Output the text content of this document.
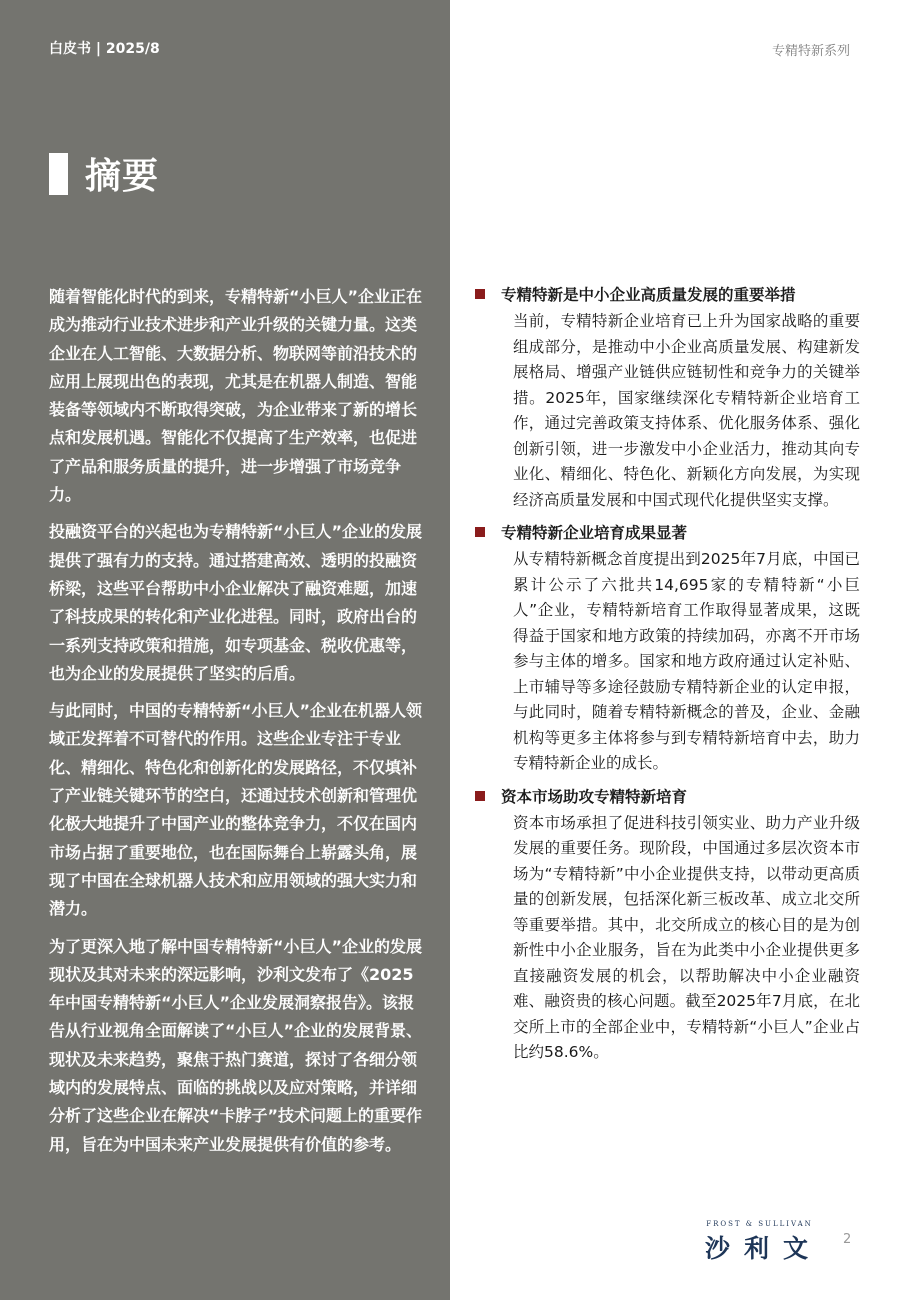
白皮书 | 2025/8	专精特新系列
摘要

随着智能化时代的到来，专精特新“小巨人”企业正在成为推动行业技术进步和产业升级的关键力量。这类企业在人工智能、大数据分析、物联网等前沿技术的应用上展现出色的表现，尤其是在机器人制造、智能装备等领域内不断取得突破，为企业带来了新的增长点和发展机遇。智能化不仅提高了生产效率，也促进了产品和服务质量的提升，进一步增强了市场竞争力。

投融资平台的兴起也为专精特新“小巨人”企业的发展提供了强有力的支持。通过搭建高效、透明的投融资桥梁，这些平台帮助中小企业解决了融资难题，加速了科技成果的转化和产业化进程。同时，政府出台的一系列支持政策和措施，如专项基金、税收优惠等，也为企业的发展提供了坚实的后盾。

与此同时，中国的专精特新“小巨人”企业在机器人领域正发挥着不可替代的作用。这些企业专注于专业化、精细化、特色化和创新化的发展路径，不仅填补了产业链关键环节的空白，还通过技术创新和管理优化极大地提升了中国产业的整体竞争力，不仅在国内市场占据了重要地位，也在国际舞台上崭露头角，展现了中国在全球机器人技术和应用领域的强大实力和潜力。

为了更深入地了解中国专精特新“小巨人”企业的发展现状及其对未来的深远影响，沙利文发布了《2025年中国专精特新“小巨人”企业发展洞察报告》。该报告从行业视角全面解读了“小巨人”企业的发展背景、现状及未来趋势，聚焦于热门赛道，探讨了各细分领域内的发展特点、面临的挑战以及应对策略，并详细分析了这些企业在解决“卡脖子”技术问题上的重要作用，旨在为中国未来产业发展提供有价值的参考。

专精特新是中小企业高质量发展的重要举措
当前，专精特新企业培育已上升为国家战略的重要组成部分，是推动中小企业高质量发展、构建新发展格局、增强产业链供应链韧性和竞争力的关键举措。2025年，国家继续深化专精特新企业培育工作，通过完善政策支持体系、优化服务体系、强化创新引领，进一步激发中小企业活力，推动其向专业化、精细化、特色化、新颖化方向发展，为实现经济高质量发展和中国式现代化提供坚实支撑。
专精特新企业培育成果显著
从专精特新概念首度提出到2025年7月底，中国已累计公示了六批共14,695家的专精特新“小巨人”企业，专精特新培育工作取得显著成果，这既得益于国家和地方政策的持续加码，亦离不开市场参与主体的增多。国家和地方政府通过认定补贴、上市辅导等多途径鼓励专精特新企业的认定申报，与此同时，随着专精特新概念的普及，企业、金融机构等更多主体将参与到专精特新培育中去，助力专精特新企业的成长。
资本市场助攻专精特新培育
资本市场承担了促进科技引领实业、助力产业升级发展的重要任务。现阶段，中国通过多层次资本市场为“专精特新”中小企业提供支持，以带动更高质量的创新发展，包括深化新三板改革、成立北交所等重要举措。其中，北交所成立的核心目的是为创新性中小企业服务，旨在为此类中小企业提供更多直接融资发展的机会，以帮助解决中小企业融资难、融资贵的核心问题。截至2025年7月底，在北交所上市的全部企业中，专精特新“小巨人”企业占比约58.6%。
FROST & SULLIVAN
沙利文 2
